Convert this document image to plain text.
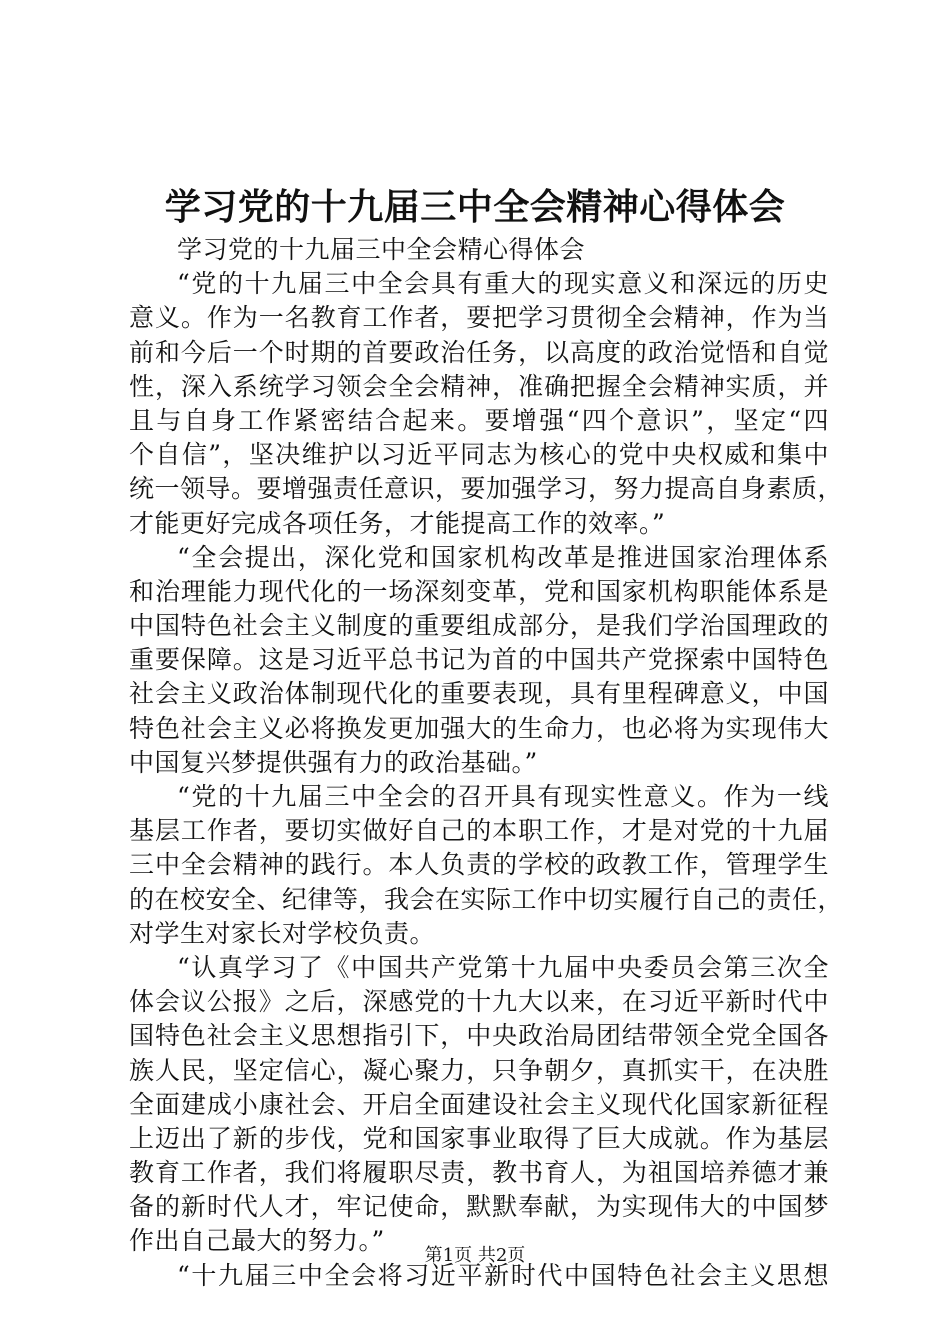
学习党的十九届三中全会精神心得体会
学习党的十九届三中全会精心得体会
“党的十九届三中全会具有重大的现实意义和深远的历史
意义。作为一名教育工作者，要把学习贯彻全会精神，作为当
前和今后一个时期的首要政治任务，以高度的政治觉悟和自觉
性，深入系统学习领会全会精神，准确把握全会精神实质，并
且与自身工作紧密结合起来。要增强“四个意识”，坚定“四
个自信”，坚决维护以习近平同志为核心的党中央权威和集中
统一领导。要增强责任意识，要加强学习，努力提高自身素质，
才能更好完成各项任务，才能提高工作的效率。”
“全会提出，深化党和国家机构改革是推进国家治理体系
和治理能力现代化的一场深刻变革，党和国家机构职能体系是
中国特色社会主义制度的重要组成部分，是我们学治国理政的
重要保障。这是习近平总书记为首的中国共产党探索中国特色
社会主义政治体制现代化的重要表现，具有里程碑意义，中国
特色社会主义必将换发更加强大的生命力，也必将为实现伟大
中国复兴梦提供强有力的政治基础。”
“党的十九届三中全会的召开具有现实性意义。作为一线
基层工作者，要切实做好自己的本职工作，才是对党的十九届
三中全会精神的践行。本人负责的学校的政教工作，管理学生
的在校安全、纪律等，我会在实际工作中切实履行自己的责任，
对学生对家长对学校负责。
“认真学习了《中国共产党第十九届中央委员会第三次全
体会议公报》之后，深感党的十九大以来，在习近平新时代中
国特色社会主义思想指引下，中央政治局团结带领全党全国各
族人民，坚定信心，凝心聚力，只争朝夕，真抓实干，在决胜
全面建成小康社会、开启全面建设社会主义现代化国家新征程
上迈出了新的步伐，党和国家事业取得了巨大成就。作为基层
教育工作者，我们将履职尽责，教书育人，为祖国培养德才兼
备的新时代人才，牢记使命，默默奉献，为实现伟大的中国梦
作出自己最大的努力。”
“十九届三中全会将习近平新时代中国特色社会主义思想
第1页 共2页
